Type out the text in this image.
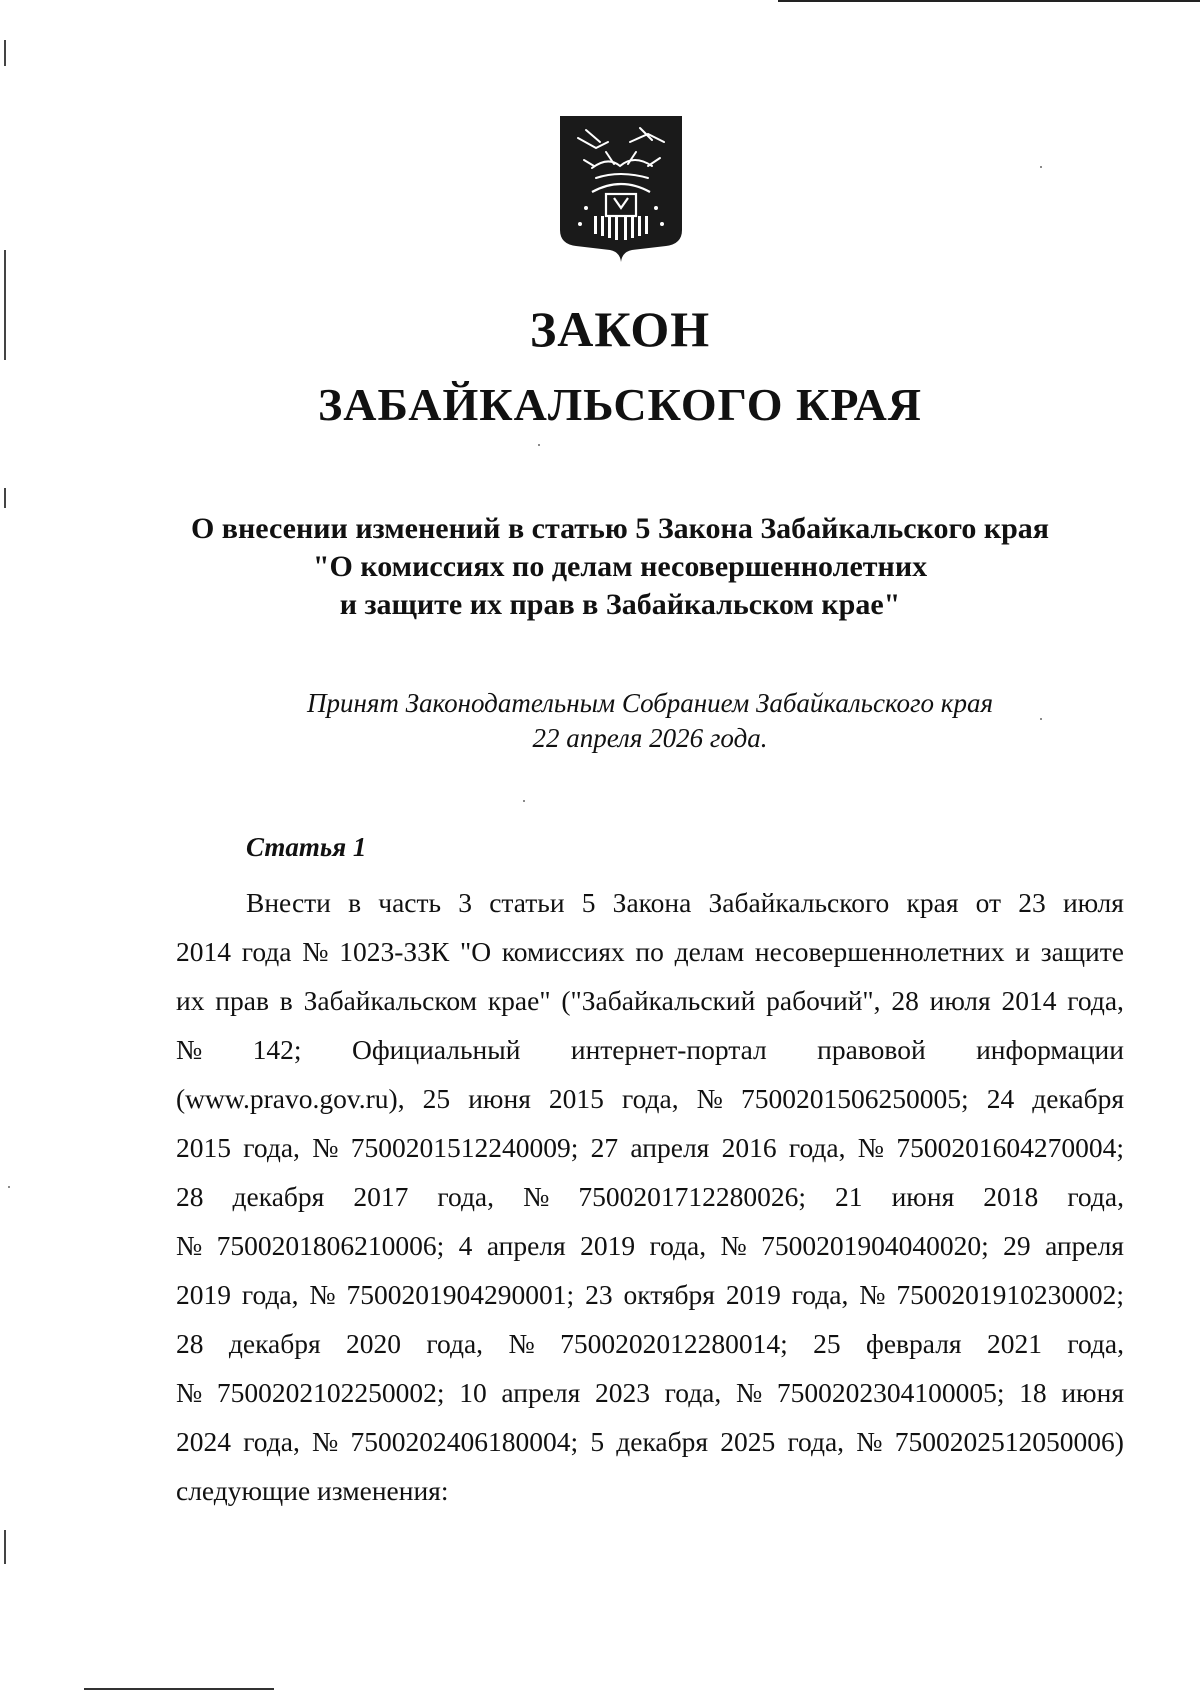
ЗАКОН
ЗАБАЙКАЛЬСКОГО КРАЯ
О внесении изменений в статью 5 Закона Забайкальского края
"О комиссиях по делам несовершеннолетних
и защите их прав в Забайкальском крае"
Принят Законодательным Собранием Забайкальского края
22 апреля 2026 года.
Статья 1
Внести в часть 3 статьи 5 Закона Забайкальского края от 23 июля
2014 года № 1023-ЗЗК "О комиссиях по делам несовершеннолетних и защите
их прав в Забайкальском крае" ("Забайкальский рабочий", 28 июля 2014 года,
№ 142; Официальный интернет-портал правовой информации
(www.pravo.gov.ru), 25 июня 2015 года, № 7500201506250005; 24 декабря
2015 года, № 7500201512240009; 27 апреля 2016 года, № 7500201604270004;
28 декабря 2017 года, № 7500201712280026; 21 июня 2018 года,
№ 7500201806210006; 4 апреля 2019 года, № 7500201904040020; 29 апреля
2019 года, № 7500201904290001; 23 октября 2019 года, № 7500201910230002;
28 декабря 2020 года, № 7500202012280014; 25 февраля 2021 года,
№ 7500202102250002; 10 апреля 2023 года, № 7500202304100005; 18 июня
2024 года, № 7500202406180004; 5 декабря 2025 года, № 7500202512050006)
следующие изменения:
